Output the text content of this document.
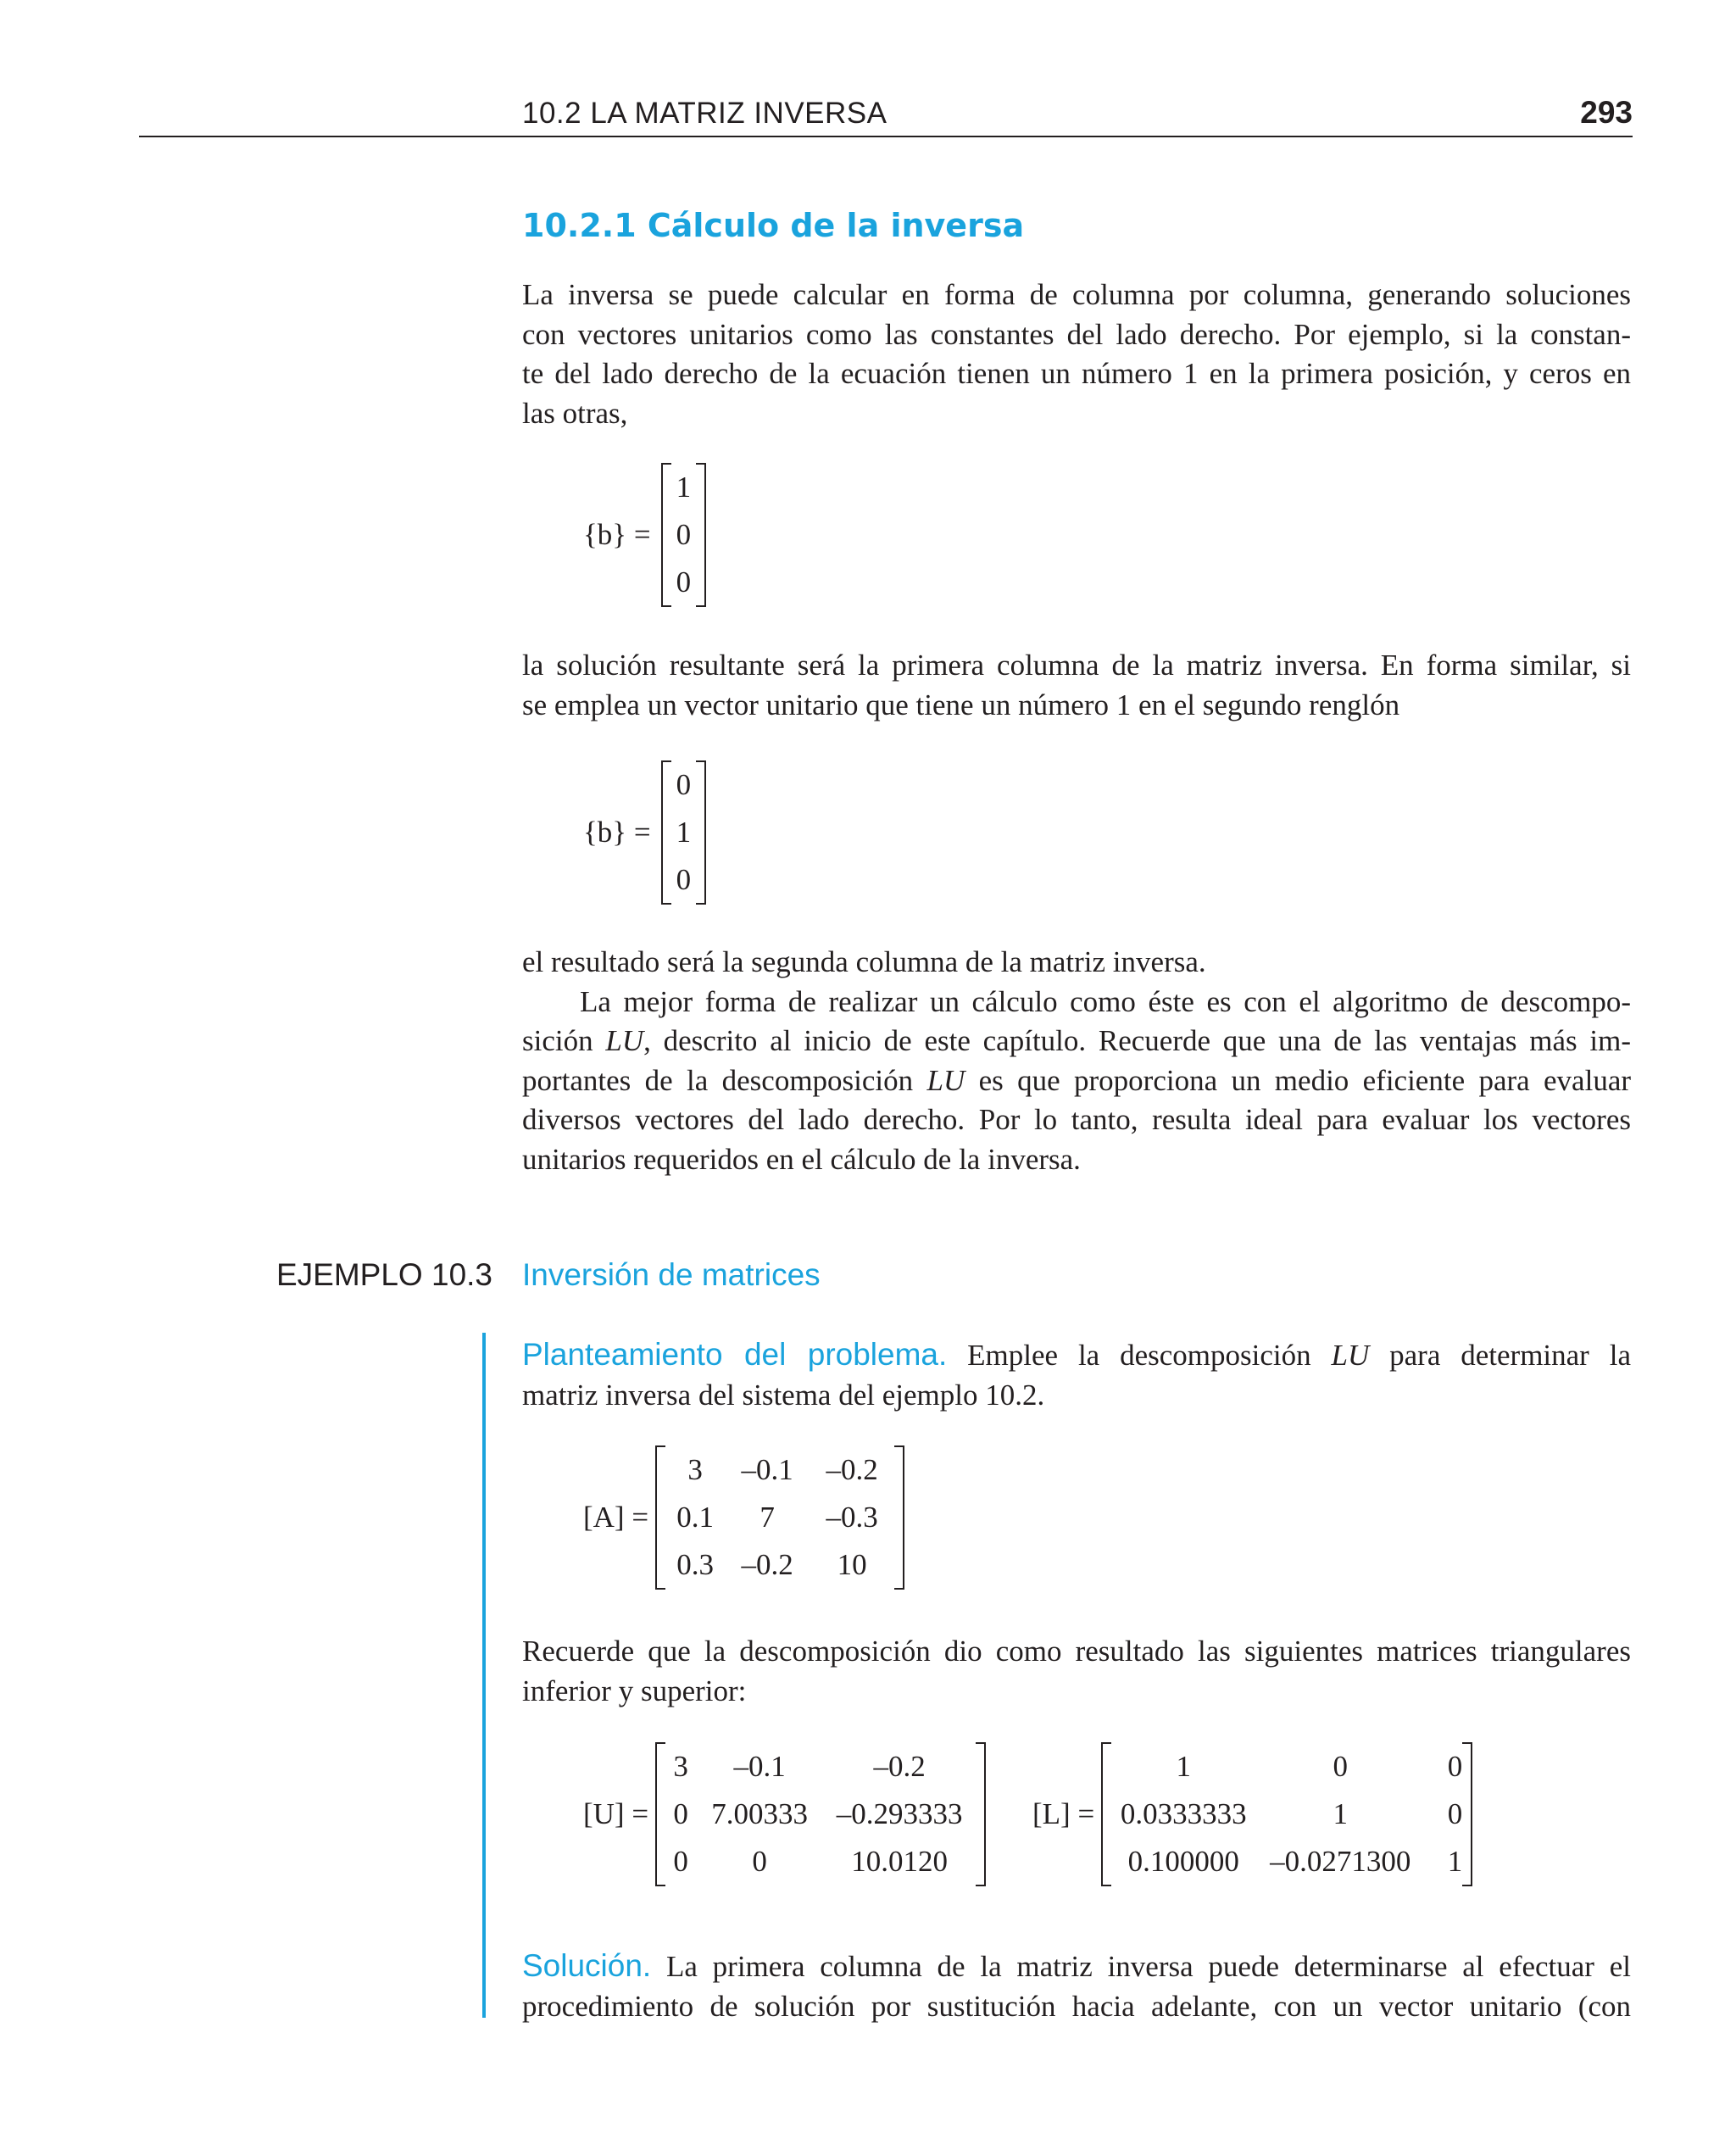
10.2 LA MATRIZ INVERSA	293
10.2.1 Cálculo de la inversa
La inversa se puede calcular en forma de columna por columna, generando soluciones
con vectores unitarios como las constantes del lado derecho. Por ejemplo, si la constan-
te del lado derecho de la ecuación tienen un número 1 en la primera posición, y ceros en
las otras,
{b} =		1	
0
0
la solución resultante será la primera columna de la matriz inversa. En forma similar, si
se emplea un vector unitario que tiene un número 1 en el segundo renglón
{b} =		0	
1
0
el resultado será la segunda columna de la matriz inversa.
La mejor forma de realizar un cálculo como éste es con el algoritmo de descompo-
sición LU, descrito al inicio de este capítulo. Recuerde que una de las ventajas más im-
portantes de la descomposición LU es que proporciona un medio eficiente para evaluar
diversos vectores del lado derecho. Por lo tanto, resulta ideal para evaluar los vectores
unitarios requeridos en el cálculo de la inversa.
EJEMPLO 10.3 Inversión de matrices
Planteamiento del problema. Emplee la descomposición LU para determinar la
matriz inversa del sistema del ejemplo 10.2.
[A] =		3	–0.1	–0.2	
		0.1	7	–0.3	
		0.3	–0.2	10	
Recuerde que la descomposición dio como resultado las siguientes matrices triangulares
inferior y superior:
[U] =		3	–0.1	–0.2	
		0	7.00333	–0.293333	
		0	0	10.0120	
[L] =		1	0	0	
		0.0333333	1	0	
		0.100000	–0.0271300	1	
Solución. La primera columna de la matriz inversa puede determinarse al efectuar el
procedimiento de solución por sustitución hacia adelante, con un vector unitario (con
